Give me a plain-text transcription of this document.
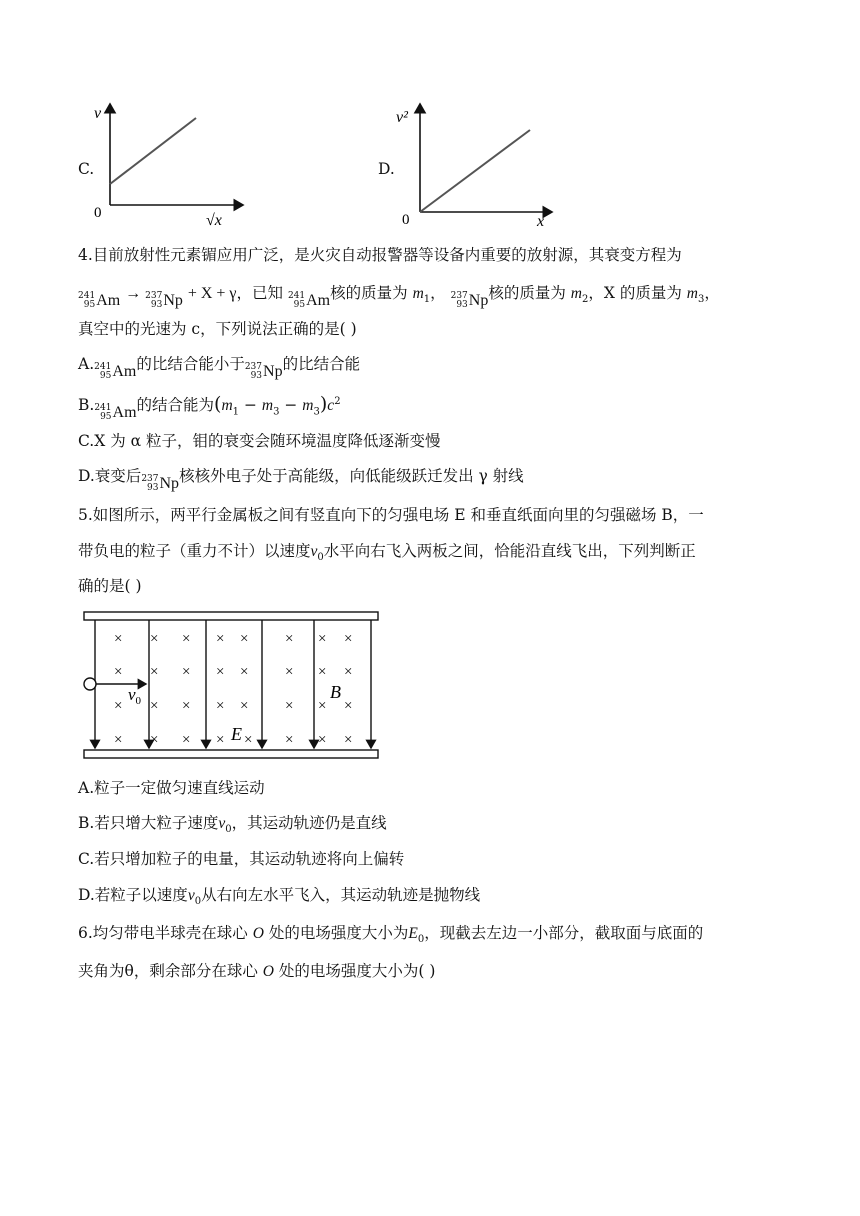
C.
v
0	√x
D.
v²
0	x
4.目前放射性元素镅应用广泛，是火灾自动报警器等设备内重要的放射源，其衰变方程为
241
95 Am → 237
93 Np + X + γ，已知 241
95 Am 核的质量为 $m_1$， 237
93 Np 核的质量为 $m_2$，X 的质量为 $m_3$，
真空中的光速为 c，下列说法正确的是( )
A. 241
95 Am 的比结合能小于 237
93 Np 的比结合能
B. 241
95 Am 的结合能为$(m_1 - m_3 - m_3)c^2$
C.X 为 α 粒子，钼的衰变会随环境温度降低逐渐变慢
D.衰变后 237
93 Np 核核外电子处于高能级，向低能级跃迁发出 γ 射线
5.如图所示，两平行金属板之间有竖直向下的匀强电场 E 和垂直纸面向里的匀强磁场 B，一
带负电的粒子（重力不计）以速度$v_0$水平向右飞入两板之间，恰能沿直线飞出，下列判断正
确的是( )
× × × × × × × ×
× × × × × × × ×
× × × × × × × ×
× × × × × × × ×
$v_0$
E
B
A.粒子一定做匀速直线运动
B.若只增大粒子速度$v_0$，其运动轨迹仍是直线
C.若只增加粒子的电量，其运动轨迹将向上偏转
D.若粒子以速度$v_0$从右向左水平飞入，其运动轨迹是抛物线
6.均匀带电半球壳在球心 O 处的电场强度大小为$E_0$，现截去左边一小部分，截取面与底面的
夹角为θ，剩余部分在球心 O 处的电场强度大小为( )
